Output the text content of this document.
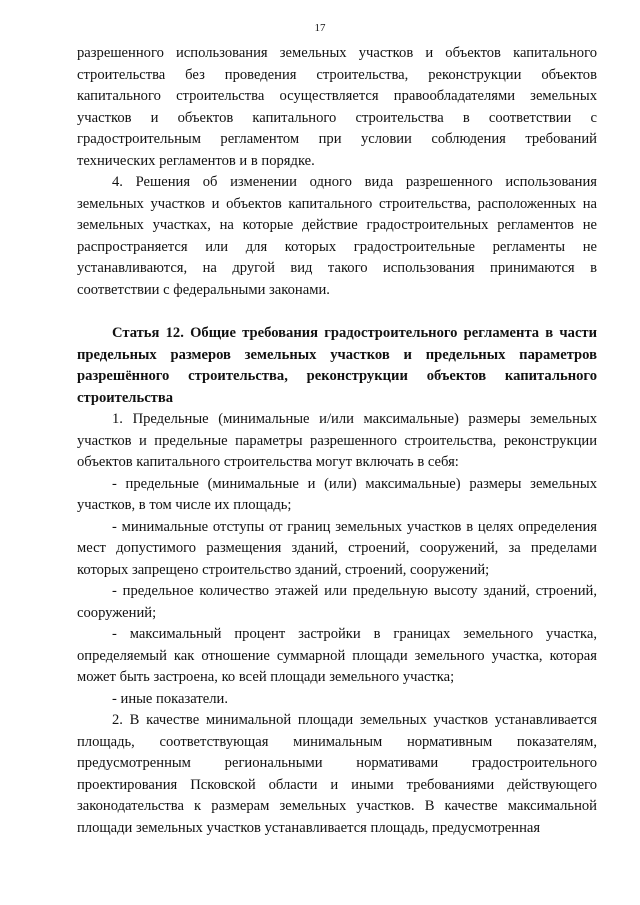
17

разрешенного использования земельных участков и объектов капитального строительства без проведения строительства, реконструкции объектов капитального строительства осуществляется правообладателями земельных участков и объектов капитального строительства в соответствии с градостроительным регламентом при условии соблюдения требований технических регламентов и в порядке.

4. Решения об изменении одного вида разрешенного использования земельных участков и объектов капитального строительства, расположенных на земельных участках, на которые действие градостроительных регламентов не распространяется или для которых градостроительные регламенты не устанавливаются, на другой вид такого использования принимаются в соответствии с федеральными законами.

Статья 12. Общие требования градостроительного регламента в части предельных размеров земельных участков и предельных параметров разрешённого строительства, реконструкции объектов капитального строительства

1. Предельные (минимальные и/или максимальные) размеры земельных участков и предельные параметры разрешенного строительства, реконструкции объектов капитального строительства могут включать в себя:

- предельные (минимальные и (или) максимальные) размеры земельных участков, в том числе их площадь;

- минимальные отступы от границ земельных участков в целях определения мест допустимого размещения зданий, строений, сооружений, за пределами которых запрещено строительство зданий, строений, сооружений;

- предельное количество этажей или предельную высоту зданий, строений, сооружений;

- максимальный процент застройки в границах земельного участка, определяемый как отношение суммарной площади земельного участка, которая может быть застроена, ко всей площади земельного участка;

- иные показатели.

2. В качестве минимальной площади земельных участков устанавливается площадь, соответствующая минимальным нормативным показателям, предусмотренным региональными нормативами градостроительного проектирования Псковской области и иными требованиями действующего законодательства к размерам земельных участков. В качестве максимальной площади земельных участков устанавливается площадь, предусмотренная
